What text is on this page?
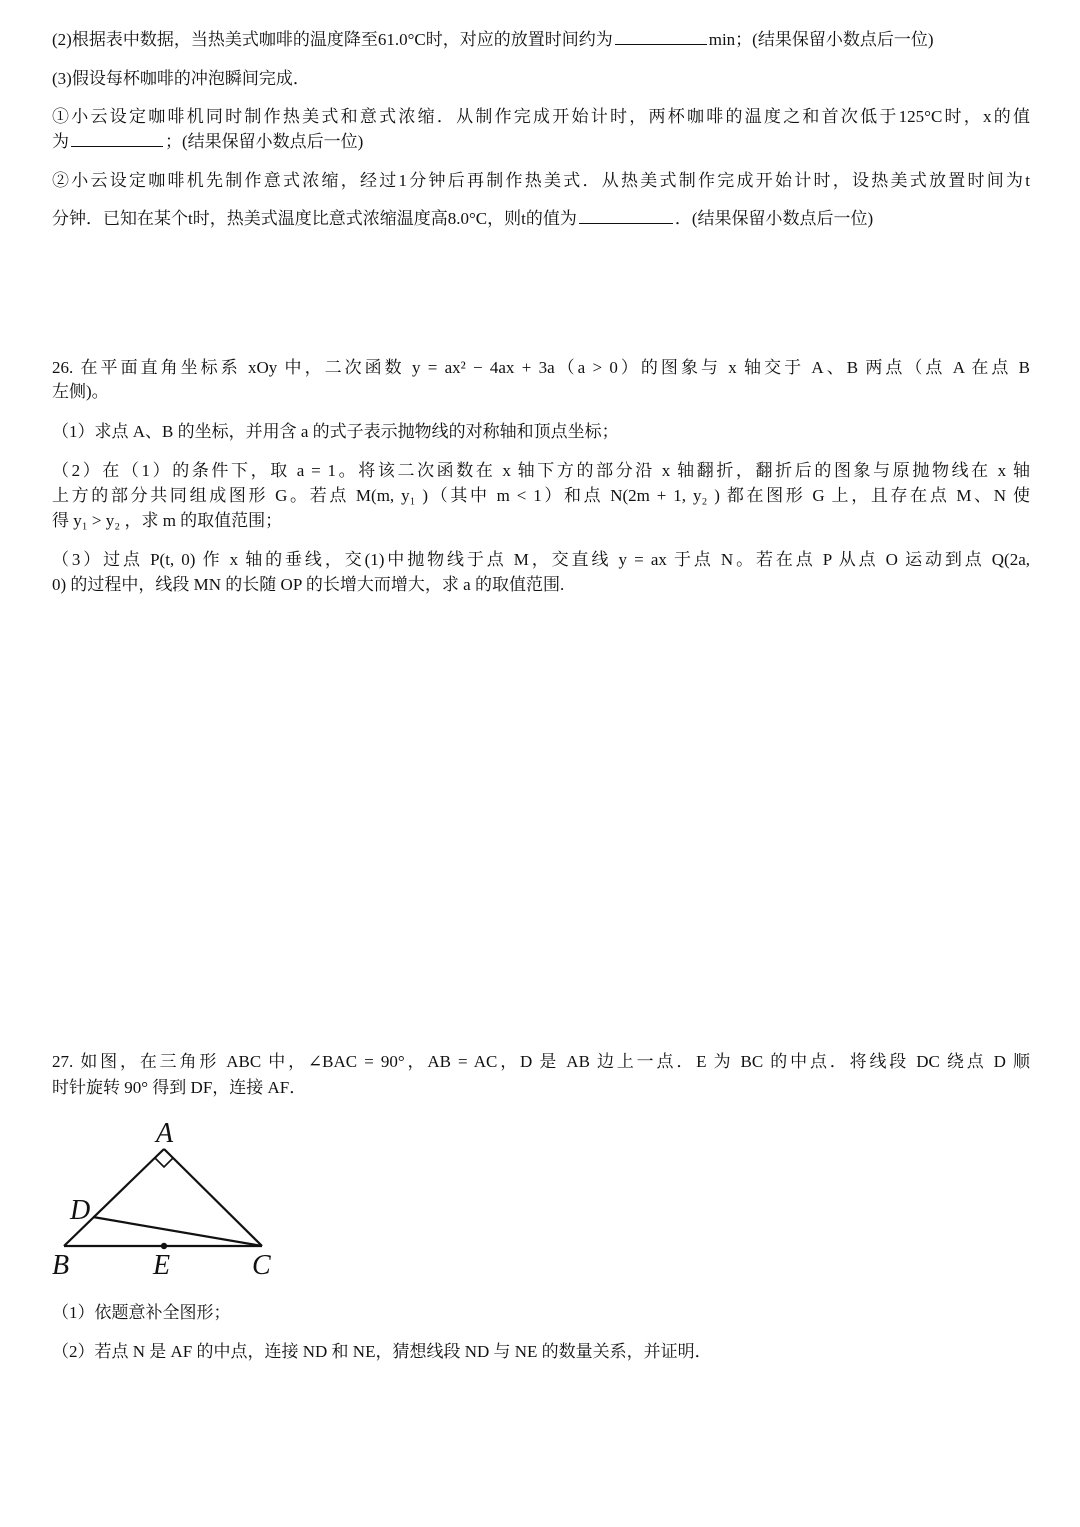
(2)根据表中数据，当热美式咖啡的温度降至61.0°C时，对应的放置时间约为	min；(结果保留小数点后一位)
(3)假设每杯咖啡的冲泡瞬间完成．
①小云设定咖啡机同时制作热美式和意式浓缩．从制作完成开始计时，两杯咖啡的温度之和首次低于125°C时，x的值
为	；(结果保留小数点后一位)
②小云设定咖啡机先制作意式浓缩，经过1分钟后再制作热美式．从热美式制作完成开始计时，设热美式放置时间为t
分钟．已知在某个t时，热美式温度比意式浓缩温度高8.0°C，则t的值为	．(结果保留小数点后一位)
26. 在平面直角坐标系 xOy 中，二次函数 y = ax² − 4ax + 3a（a > 0）的图象与 x 轴交于 A、B 两点（点 A 在点 B
左侧)。
（1）求点 A、B 的坐标，并用含 a 的式子表示抛物线的对称轴和顶点坐标；
（2）在（1）的条件下，取 a = 1。将该二次函数在 x 轴下方的部分沿 x 轴翻折，翻折后的图象与原抛物线在 x 轴
上方的部分共同组成图形 G。若点 M(m, y₁ )（其中 m < 1）和点 N(2m + 1, y₂ ) 都在图形 G 上，且存在点 M、N 使
得 y₁ > y₂ ，求 m 的取值范围；
（3）过点 P(t, 0) 作 x 轴的垂线，交(1)中抛物线于点 M，交直线 y = ax 于点 N。若在点 P 从点 O 运动到点 Q(2a,
0) 的过程中，线段 MN 的长随 OP 的长增大而增大，求 a 的取值范围.
27. 如图，在三角形 ABC 中，∠BAC = 90°，AB = AC，D 是 AB 边上一点．E 为 BC 的中点．将线段 DC 绕点 D 顺
时针旋转 90° 得到 DF，连接 AF．
A
D
B	E	C
（1）依题意补全图形；
（2）若点 N 是 AF 的中点，连接 ND 和 NE，猜想线段 ND 与 NE 的数量关系，并证明．
